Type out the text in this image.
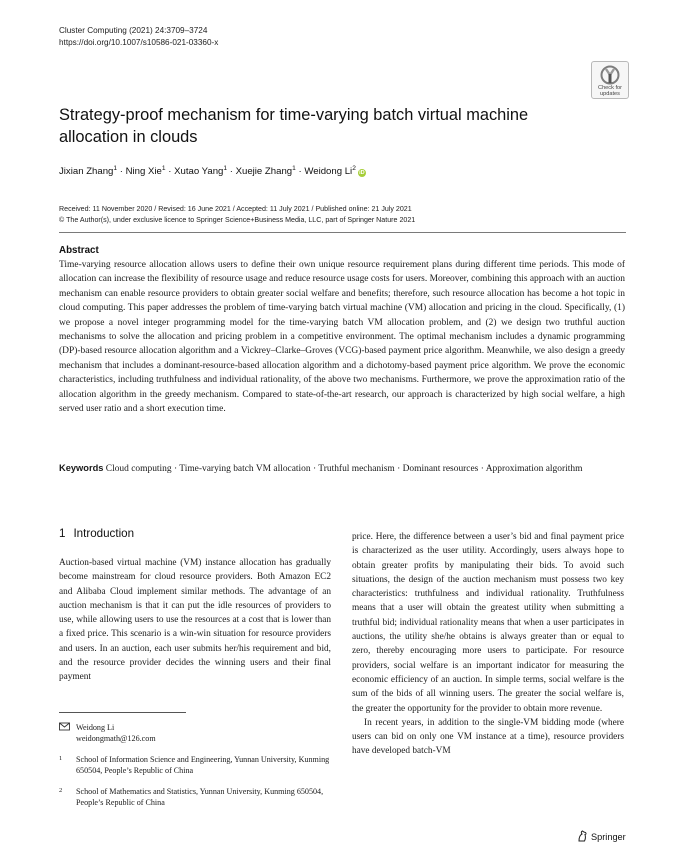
Cluster Computing (2021) 24:3709–3724
https://doi.org/10.1007/s10586-021-03360-x
Check for
updates
Strategy-proof mechanism for time-varying batch virtual machine allocation in clouds
Jixian Zhang$^1$ · Ning Xie$^1$ · Xutao Yang$^1$ · Xuejie Zhang$^1$ · Weidong Li$^2$iD
Received: 11 November 2020 / Revised: 16 June 2021 / Accepted: 11 July 2021 / Published online: 21 July 2021
© The Author(s), under exclusive licence to Springer Science+Business Media, LLC, part of Springer Nature 2021
Abstract
Time-varying resource allocation allows users to define their own unique resource requirement plans during different time periods. This mode of allocation can increase the flexibility of resource usage and reduce resource usage costs for users. Moreover, combining this approach with an auction mechanism can enable resource providers to obtain greater social welfare and benefits; therefore, such resource allocation has become a hot topic in cloud computing. This paper addresses the problem of time-varying batch virtual machine (VM) allocation and pricing in the cloud. Specifically, (1) we propose a novel integer programming model for the time-varying batch VM allocation problem, and (2) we design two truthful auction mechanisms to solve the allocation and pricing problem in a competitive environment. The optimal mechanism includes a dynamic programming (DP)-based resource allocation algorithm and a Vickrey–Clarke–Groves (VCG)-based payment price algorithm. Meanwhile, we also design a greedy mechanism that includes a dominant-resource-based allocation algorithm and a dichotomy-based payment price algorithm. We prove the economic characteristics, including truthfulness and individual rationality, of the above two mechanisms. Furthermore, we prove the approximation ratio of the allocation algorithm in the greedy mechanism. Compared to state-of-the-art research, our approach is characterized by high social welfare, a high served user ratio and a short execution time.
Keywords Cloud computing · Time-varying batch VM allocation · Truthful mechanism · Dominant resources · Approximation algorithm
1 Introduction

Auction-based virtual machine (VM) instance allocation has gradually become mainstream for cloud resource providers. Both Amazon EC2 and Alibaba Cloud implement similar methods. The advantage of an auction mechanism is that it can put the idle resources of providers to use, while allowing users to use the resources at a cost that is lower than a fixed price. This scenario is a win-win situation for resource providers and users. In an auction, each user submits her/his requirement and bid, and the resource provider decides the winning users and their final payment

price. Here, the difference between a user’s bid and final payment price is characterized as the user utility. Accordingly, users always hope to obtain greater profits by manipulating their bids. To avoid such situations, the design of the auction mechanism must possess two key characteristics: truthfulness and individual rationality. Truthfulness means that a user will obtain the greatest utility when submitting a truthful bid; individual rationality means that when a user participates in auctions, the utility she/he obtains is always greater than or equal to zero, thereby encouraging more users to participate. For resource providers, social welfare is an important indicator for measuring the economic efficiency of an auction. In simple terms, social welfare is the sum of the bids of all winning users. The greater the social welfare is, the greater the opportunity for the provider to obtain more revenue.

In recent years, in addition to the single-VM bidding mode (where users can bid on only one VM instance at a time), resource providers have developed batch-VM

Weidong Li
weidongmath@126.com
1 School of Information Science and Engineering, Yunnan University, Kunming 650504, People’s Republic of China
2 School of Mathematics and Statistics, Yunnan University, Kunming 650504, People’s Republic of China
Springer
